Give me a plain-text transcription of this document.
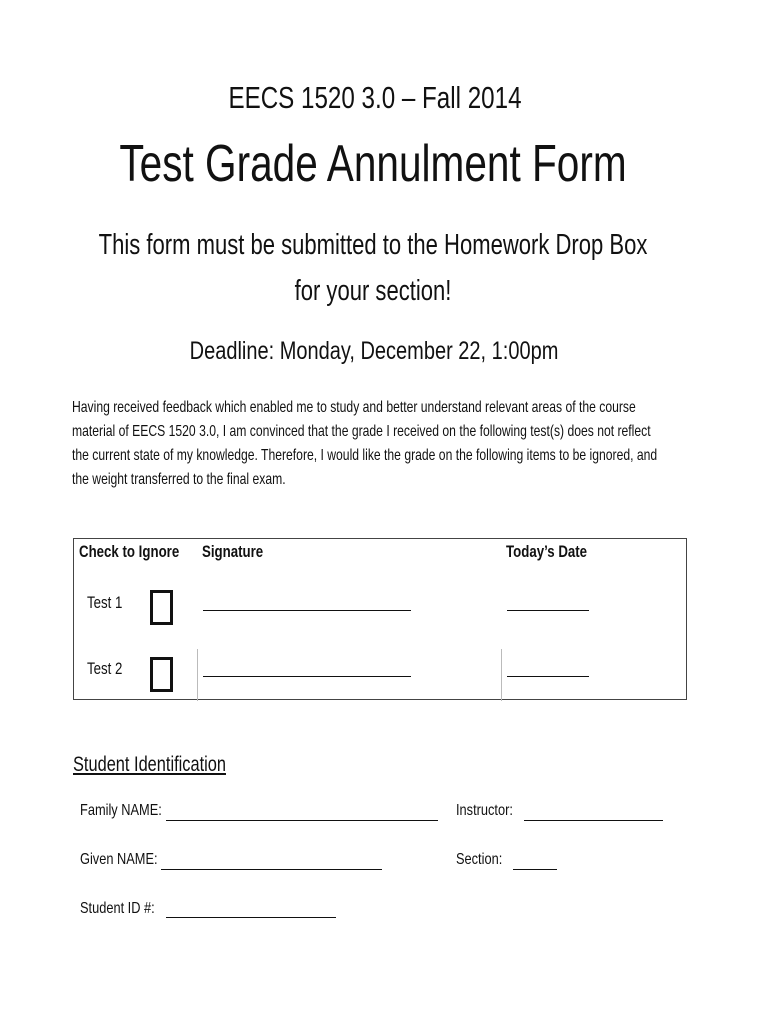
EECS 1520 3.0 – Fall 2014
Test Grade Annulment Form
This form must be submitted to the Homework Drop Box
for your section!
Deadline: Monday, December 22, 1:00pm

Having received feedback which enabled me to study and better understand relevant areas of the course
material of EECS 1520 3.0, I am convinced that the grade I received on the following test(s) does not reflect
the current state of my knowledge. Therefore, I would like the grade on the following items to be ignored, and
the weight transferred to the final exam.

Check to Ignore Signature	Today’s Date
Test 1
Test 2
Student Identification
Family NAME:	Instructor:
Given NAME:	Section:
Student ID #:
